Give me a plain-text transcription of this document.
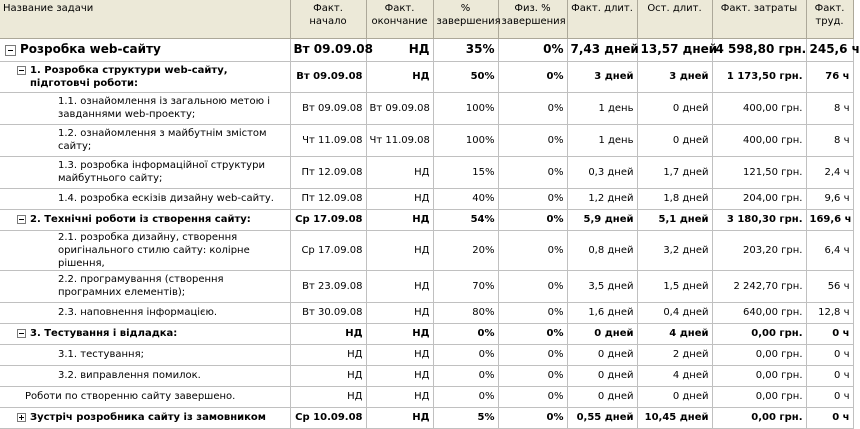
Название задачи	Факт. начало	Факт. окончание	% завершения	Физ. % завершения	Факт. длит.	Ост. длит.	Факт. затраты	Факт. труд.

Розробка web-сайту	Вт 09.09.08	НД	35%	0%	7,43 дней	13,57 дней	4 598,80 грн.	245,6 ч

1. Розробка структури web-сайту, підготовчі роботи:	Вт 09.09.08	НД	50%	0%	3 дней	3 дней	1 173,50 грн.	76 ч

1.1. ознайомлення із загальною метою і завданнями web-проекту;	Вт 09.09.08	Вт 09.09.08	100%	0%	1 день	0 дней	400,00 грн.	8 ч

1.2. ознайомлення з майбутнім змістом сайту;	Чт 11.09.08	Чт 11.09.08	100%	0%	1 день	0 дней	400,00 грн.	8 ч

1.3. розробка інформаційної структури майбутнього сайту;	Пт 12.09.08	НД	15%	0%	0,3 дней	1,7 дней	121,50 грн.	2,4 ч

1.4. розробка ескізів дизайну web-сайту.	Пт 12.09.08	НД	40%	0%	1,2 дней	1,8 дней	204,00 грн.	9,6 ч

2. Технічні роботи із створення сайту:	Ср 17.09.08	НД	54%	0%	5,9 дней	5,1 дней	3 180,30 грн.	169,6 ч

2.1. розробка дизайну, створення оригінального стилю сайту: колірне рішення,	Ср 17.09.08	НД	20%	0%	0,8 дней	3,2 дней	203,20 грн.	6,4 ч

2.2. програмування (створення програмних елементів);	Вт 23.09.08	НД	70%	0%	3,5 дней	1,5 дней	2 242,70 грн.	56 ч

2.3. наповнення інформацією.	Вт 30.09.08	НД	80%	0%	1,6 дней	0,4 дней	640,00 грн.	12,8 ч

3. Тестування і відладка:	НД	НД	0%	0%	0 дней	4 дней	0,00 грн.	0 ч

3.1. тестування;	НД	НД	0%	0%	0 дней	2 дней	0,00 грн.	0 ч

3.2. виправлення помилок.	НД	НД	0%	0%	0 дней	4 дней	0,00 грн.	0 ч

Роботи по створенню сайту завершено.	НД	НД	0%	0%	0 дней	0 дней	0,00 грн.	0 ч

Зустріч розробника сайту із замовником	Ср 10.09.08	НД	5%	0%	0,55 дней	10,45 дней	0,00 грн.	0 ч
